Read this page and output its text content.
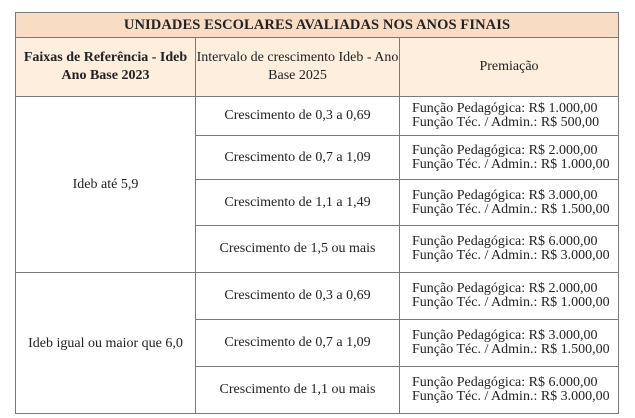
UNIDADES ESCOLARES AVALIADAS NOS ANOS FINAIS		
Faixas de Referência - Ideb Ano Base 2023	Intervalo de crescimento Ideb - Ano Base 2025	Premiação
Ideb até 5,9	Crescimento de 0,3 a 0,69	Função Pedagógica: R$ 1.000,00
Função Téc. / Admin.: R$ 500,00

	Crescimento de 0,7 a 1,09	Função Pedagógica: R$ 2.000,00
Função Téc. / Admin.: R$ 1.000,00

	Crescimento de 1,1 a 1,49	Função Pedagógica: R$ 3.000,00
Função Téc. / Admin.: R$ 1.500,00

	Crescimento de 1,5 ou mais	Função Pedagógica: R$ 6.000,00
Função Téc. / Admin.: R$ 3.000,00

Ideb igual ou maior que 6,0	Crescimento de 0,3 a 0,69	Função Pedagógica: R$ 2.000,00
Função Téc. / Admin.: R$ 1.000,00

	Crescimento de 0,7 a 1,09	Função Pedagógica: R$ 3.000,00
Função Téc. / Admin.: R$ 1.500,00

	Crescimento de 1,1 ou mais	Função Pedagógica: R$ 6.000,00
Função Téc. / Admin.: R$ 3.000,00
